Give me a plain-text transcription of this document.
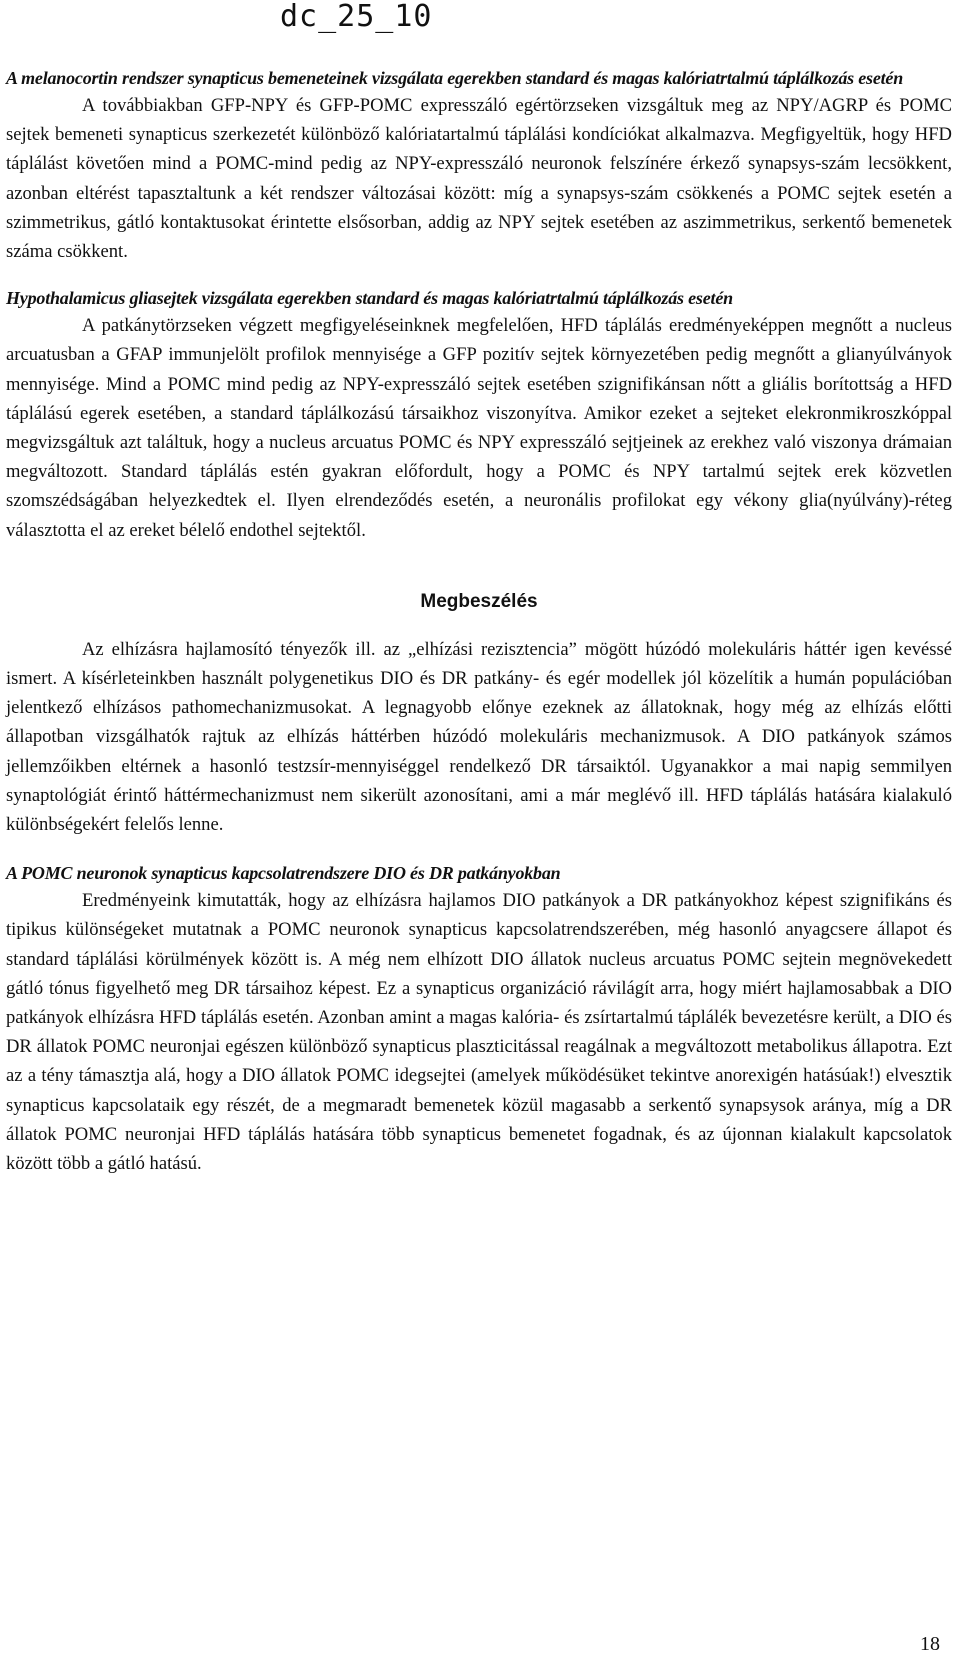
dc_25_10
A melanocortin rendszer synapticus bemeneteinek vizsgálata egerekben standard és magas kalóriatrtalmú táplálkozás esetén

A továbbiakban GFP-NPY és GFP-POMC expresszáló egértörzseken vizsgáltuk meg az NPY/AGRP és POMC sejtek bemeneti synapticus szerkezetét különböző kalóriatartalmú táplálási kondíciókat alkalmazva. Megfigyeltük, hogy HFD táplálást követően mind a POMC-mind pedig az NPY-expresszáló neuronok felszínére érkező synapsys-szám lecsökkent, azonban eltérést tapasztaltunk a két rendszer változásai között: míg a synapsys-szám csökkenés a POMC sejtek esetén a szimmetrikus, gátló kontaktusokat érintette elsősorban, addig az NPY sejtek esetében az aszimmetrikus, serkentő bemenetek száma csökkent.

Hypothalamicus gliasejtek vizsgálata egerekben standard és magas kalóriatrtalmú táplálkozás esetén

A patkánytörzseken végzett megfigyeléseinknek megfelelően, HFD táplálás eredményeképpen megnőtt a nucleus arcuatusban a GFAP immunjelölt profilok mennyisége a GFP pozitív sejtek környezetében pedig megnőtt a glianyúlványok mennyisége. Mind a POMC mind pedig az NPY-expresszáló sejtek esetében szignifikánsan nőtt a gliális borítottság a HFD táplálású egerek esetében, a standard táplálkozású társaikhoz viszonyítva. Amikor ezeket a sejteket elekronmikroszkóppal megvizsgáltuk azt találtuk, hogy a nucleus arcuatus POMC és NPY expresszáló sejtjeinek az erekhez való viszonya drámaian megváltozott. Standard táplálás estén gyakran előfordult, hogy a POMC és NPY tartalmú sejtek erek közvetlen szomszédságában helyezkedtek el. Ilyen elrendeződés esetén, a neuronális profilokat egy vékony glia(nyúlvány)-réteg választotta el az ereket bélelő endothel sejtektől.

Megbeszélés

Az elhízásra hajlamosító tényezők ill. az „elhízási rezisztencia” mögött húzódó molekuláris háttér igen kevéssé ismert. A kísérleteinkben használt polygenetikus DIO és DR patkány- és egér modellek jól közelítik a humán populációban jelentkező elhízásos pathomechanizmusokat. A legnagyobb előnye ezeknek az állatoknak, hogy még az elhízás előtti állapotban vizsgálhatók rajtuk az elhízás háttérben húzódó molekuláris mechanizmusok. A DIO patkányok számos jellemzőikben eltérnek a hasonló testzsír-mennyiséggel rendelkező DR társaiktól. Ugyanakkor a mai napig semmilyen synaptológiát érintő háttérmechanizmust nem sikerült azonosítani, ami a már meglévő ill. HFD táplálás hatására kialakuló különbségekért felelős lenne.

A POMC neuronok synapticus kapcsolatrendszere DIO és DR patkányokban

Eredményeink kimutatták, hogy az elhízásra hajlamos DIO patkányok a DR patkányokhoz képest szignifikáns és tipikus különségeket mutatnak a POMC neuronok synapticus kapcsolatrendszerében, még hasonló anyagcsere állapot és standard táplálási körülmények között is. A még nem elhízott DIO állatok nucleus arcuatus POMC sejtein megnövekedett gátló tónus figyelhető meg DR társaihoz képest. Ez a synapticus organizáció rávilágít arra, hogy miért hajlamosabbak a DIO patkányok elhízásra HFD táplálás esetén. Azonban amint a magas kalória- és zsírtartalmú táplálék bevezetésre került, a DIO és DR állatok POMC neuronjai egészen különböző synapticus plaszticitással reagálnak a megváltozott metabolikus állapotra. Ezt az a tény támasztja alá, hogy a DIO állatok POMC idegsejtei (amelyek működésüket tekintve anorexigén hatásúak!) elvesztik synapticus kapcsolataik egy részét, de a megmaradt bemenetek közül magasabb a serkentő synapsysok aránya, míg a DR állatok POMC neuronjai HFD táplálás hatására több synapticus bemenetet fogadnak, és az újonnan kialakult kapcsolatok között több a gátló hatású.

18
